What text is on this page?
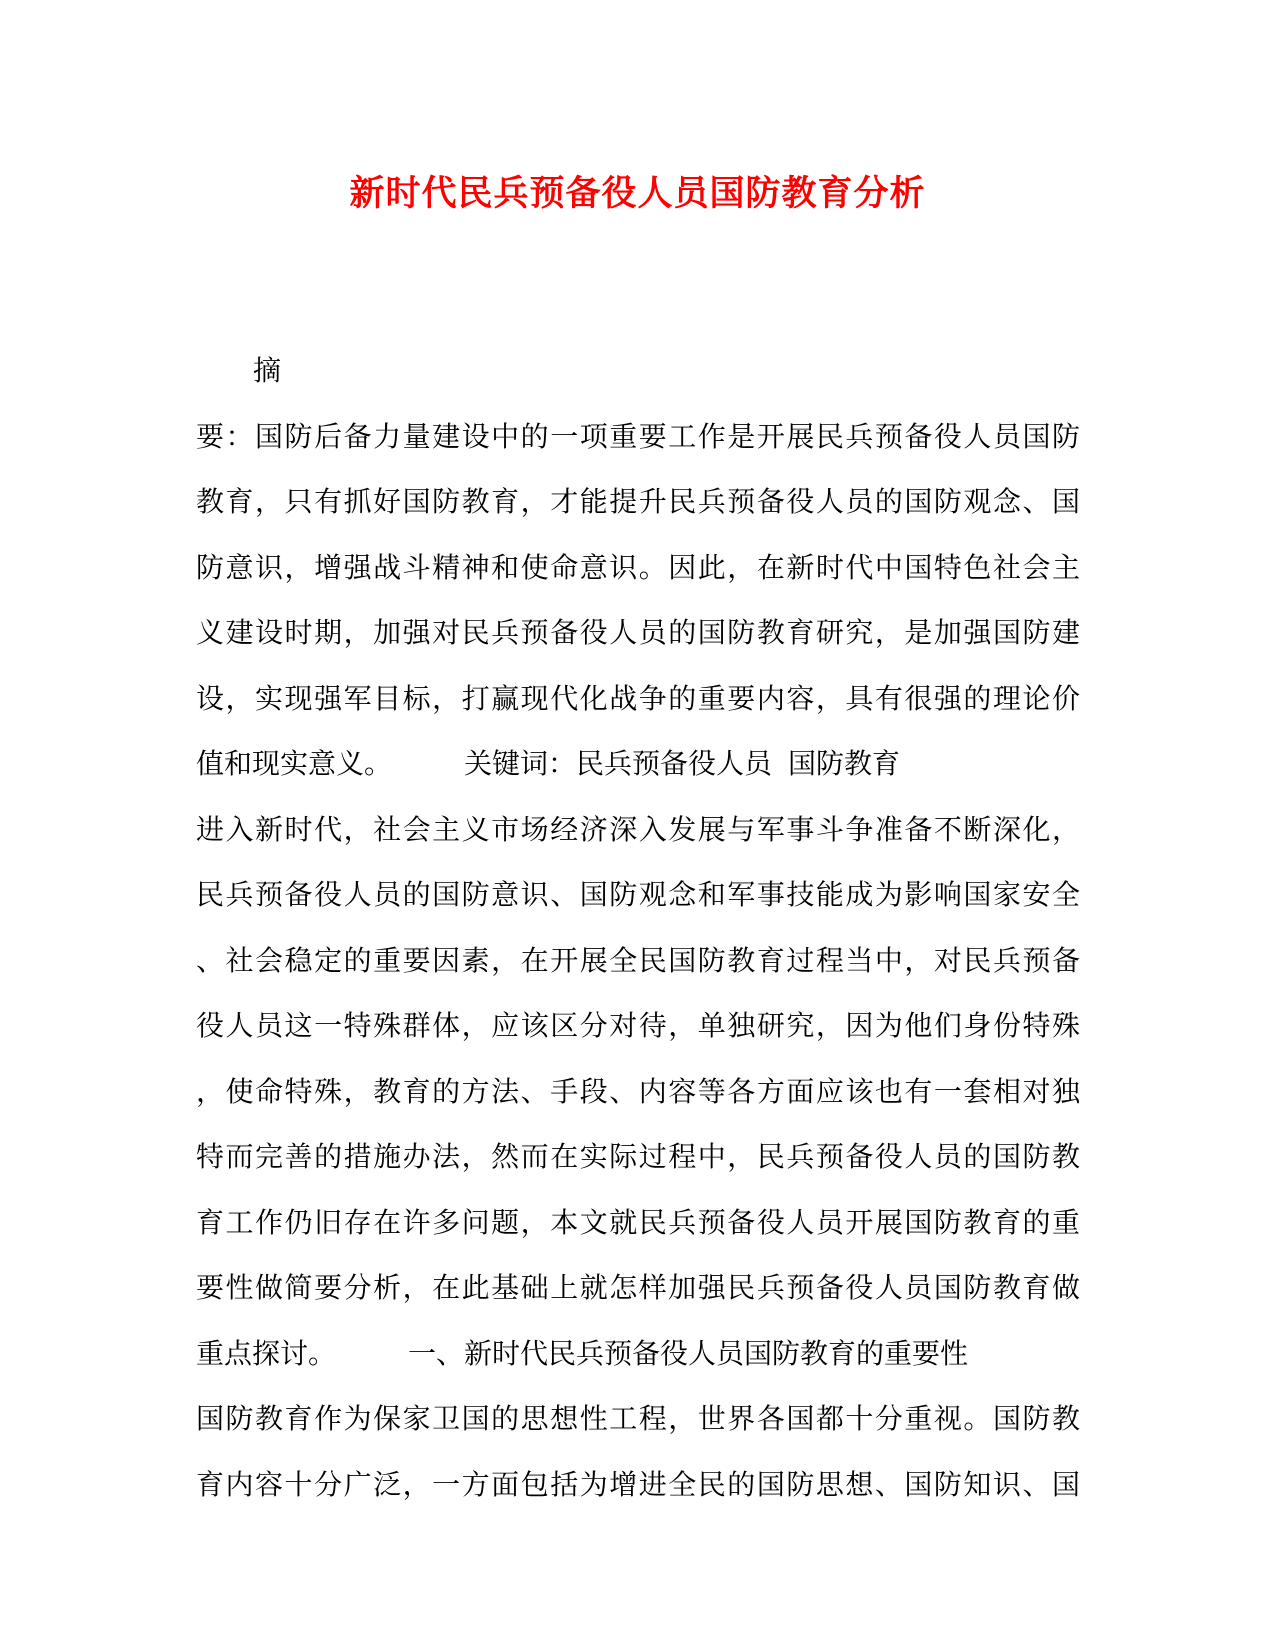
新时代民兵预备役人员国防教育分析
摘
要：国防后备力量建设中的一项重要工作是开展民兵预备役人员国防
教育，只有抓好国防教育，才能提升民兵预备役人员的国防观念、国
防意识，增强战斗精神和使命意识。因此，在新时代中国特色社会主
义建设时期，加强对民兵预备役人员的国防教育研究，是加强国防建
设，实现强军目标，打赢现代化战争的重要内容，具有很强的理论价
值和现实意义。	关键词：民兵预备役人员 国防教育
进入新时代，社会主义市场经济深入发展与军事斗争准备不断深化，
民兵预备役人员的国防意识、国防观念和军事技能成为影响国家安全
、社会稳定的重要因素，在开展全民国防教育过程当中，对民兵预备
役人员这一特殊群体，应该区分对待，单独研究，因为他们身份特殊
，使命特殊，教育的方法、手段、内容等各方面应该也有一套相对独
特而完善的措施办法，然而在实际过程中，民兵预备役人员的国防教
育工作仍旧存在许多问题，本文就民兵预备役人员开展国防教育的重
要性做简要分析，在此基础上就怎样加强民兵预备役人员国防教育做
重点探讨。	一、新时代民兵预备役人员国防教育的重要性
国防教育作为保家卫国的思想性工程，世界各国都十分重视。国防教
育内容十分广泛，一方面包括为增进全民的国防思想、国防知识、国
